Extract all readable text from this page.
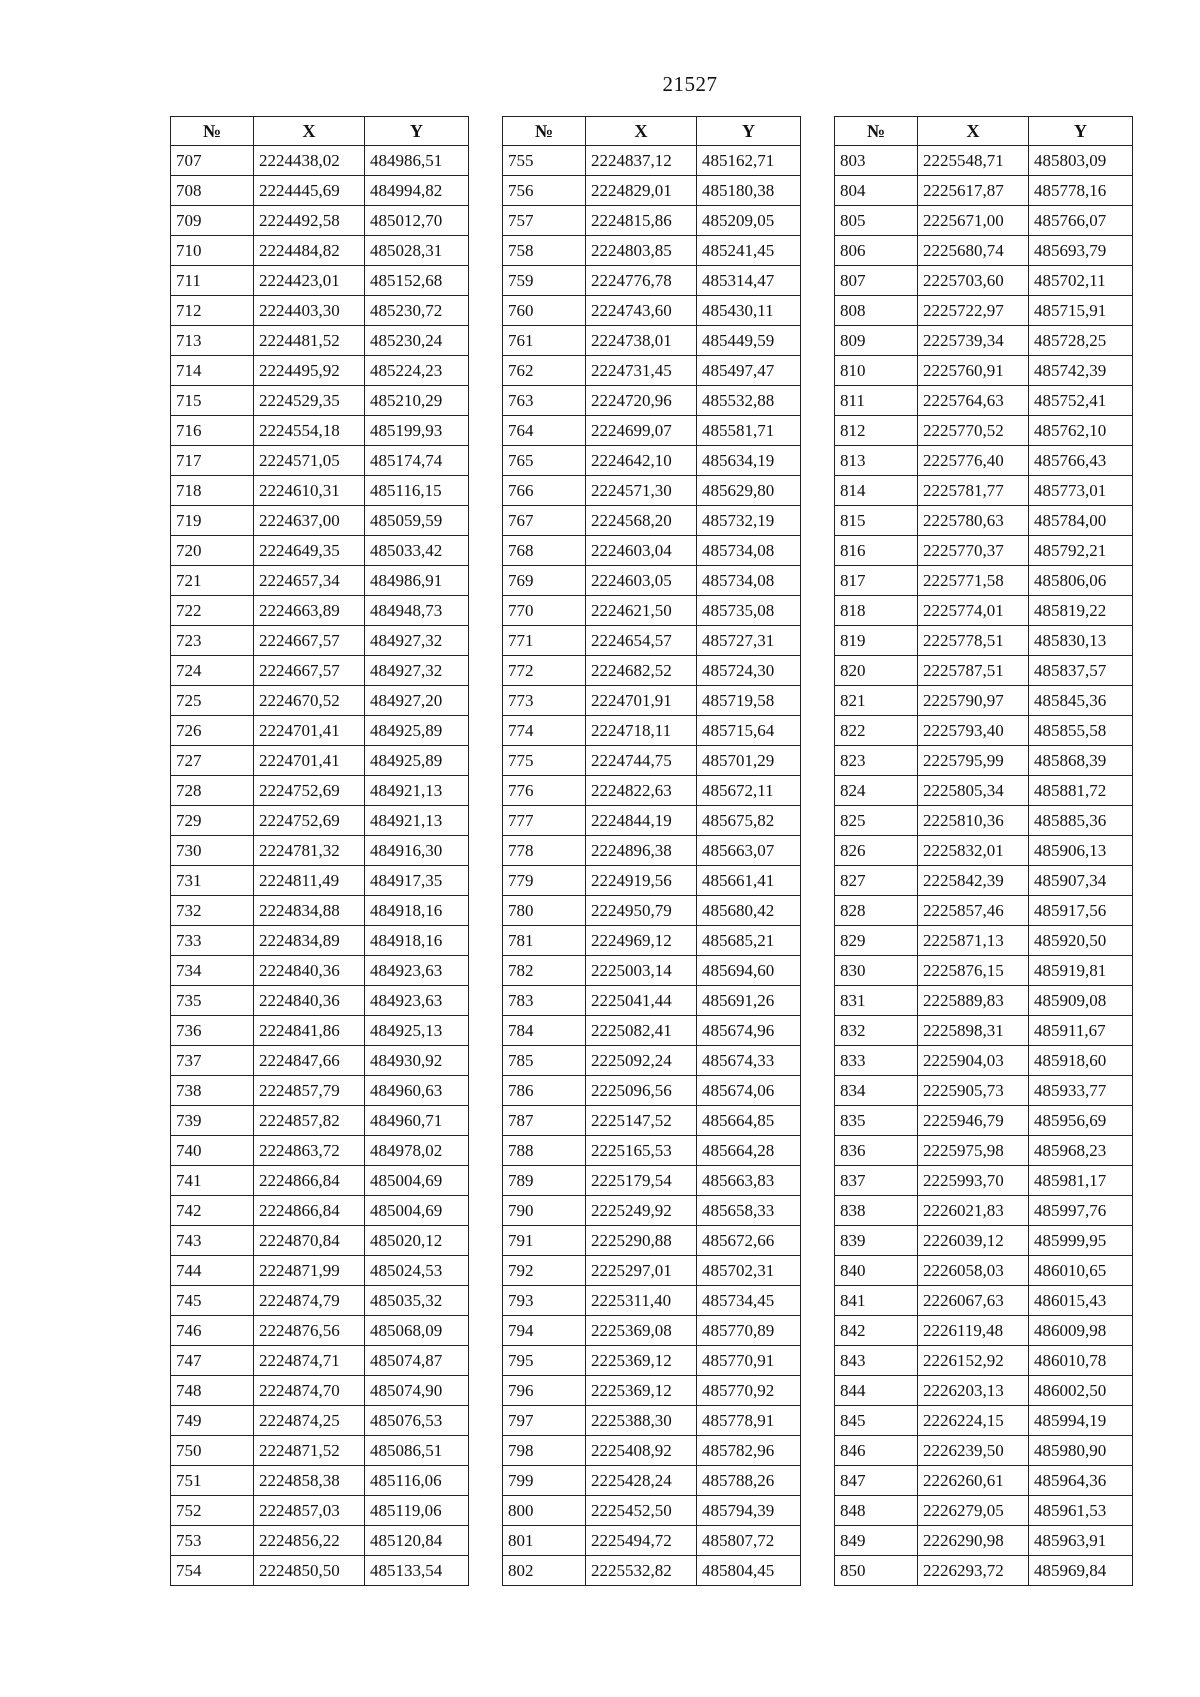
21527
№	X	Y
707	2224438,02	484986,51
708	2224445,69	484994,82
709	2224492,58	485012,70
710	2224484,82	485028,31
711	2224423,01	485152,68
712	2224403,30	485230,72
713	2224481,52	485230,24
714	2224495,92	485224,23
715	2224529,35	485210,29
716	2224554,18	485199,93
717	2224571,05	485174,74
718	2224610,31	485116,15
719	2224637,00	485059,59
720	2224649,35	485033,42
721	2224657,34	484986,91
722	2224663,89	484948,73
723	2224667,57	484927,32
724	2224667,57	484927,32
725	2224670,52	484927,20
726	2224701,41	484925,89
727	2224701,41	484925,89
728	2224752,69	484921,13
729	2224752,69	484921,13
730	2224781,32	484916,30
731	2224811,49	484917,35
732	2224834,88	484918,16
733	2224834,89	484918,16
734	2224840,36	484923,63
735	2224840,36	484923,63
736	2224841,86	484925,13
737	2224847,66	484930,92
738	2224857,79	484960,63
739	2224857,82	484960,71
740	2224863,72	484978,02
741	2224866,84	485004,69
742	2224866,84	485004,69
743	2224870,84	485020,12
744	2224871,99	485024,53
745	2224874,79	485035,32
746	2224876,56	485068,09
747	2224874,71	485074,87
748	2224874,70	485074,90
749	2224874,25	485076,53
750	2224871,52	485086,51
751	2224858,38	485116,06
752	2224857,03	485119,06
753	2224856,22	485120,84
754	2224850,50	485133,54
№	X	Y
755	2224837,12	485162,71
756	2224829,01	485180,38
757	2224815,86	485209,05
758	2224803,85	485241,45
759	2224776,78	485314,47
760	2224743,60	485430,11
761	2224738,01	485449,59
762	2224731,45	485497,47
763	2224720,96	485532,88
764	2224699,07	485581,71
765	2224642,10	485634,19
766	2224571,30	485629,80
767	2224568,20	485732,19
768	2224603,04	485734,08
769	2224603,05	485734,08
770	2224621,50	485735,08
771	2224654,57	485727,31
772	2224682,52	485724,30
773	2224701,91	485719,58
774	2224718,11	485715,64
775	2224744,75	485701,29
776	2224822,63	485672,11
777	2224844,19	485675,82
778	2224896,38	485663,07
779	2224919,56	485661,41
780	2224950,79	485680,42
781	2224969,12	485685,21
782	2225003,14	485694,60
783	2225041,44	485691,26
784	2225082,41	485674,96
785	2225092,24	485674,33
786	2225096,56	485674,06
787	2225147,52	485664,85
788	2225165,53	485664,28
789	2225179,54	485663,83
790	2225249,92	485658,33
791	2225290,88	485672,66
792	2225297,01	485702,31
793	2225311,40	485734,45
794	2225369,08	485770,89
795	2225369,12	485770,91
796	2225369,12	485770,92
797	2225388,30	485778,91
798	2225408,92	485782,96
799	2225428,24	485788,26
800	2225452,50	485794,39
801	2225494,72	485807,72
802	2225532,82	485804,45
№	X	Y
803	2225548,71	485803,09
804	2225617,87	485778,16
805	2225671,00	485766,07
806	2225680,74	485693,79
807	2225703,60	485702,11
808	2225722,97	485715,91
809	2225739,34	485728,25
810	2225760,91	485742,39
811	2225764,63	485752,41
812	2225770,52	485762,10
813	2225776,40	485766,43
814	2225781,77	485773,01
815	2225780,63	485784,00
816	2225770,37	485792,21
817	2225771,58	485806,06
818	2225774,01	485819,22
819	2225778,51	485830,13
820	2225787,51	485837,57
821	2225790,97	485845,36
822	2225793,40	485855,58
823	2225795,99	485868,39
824	2225805,34	485881,72
825	2225810,36	485885,36
826	2225832,01	485906,13
827	2225842,39	485907,34
828	2225857,46	485917,56
829	2225871,13	485920,50
830	2225876,15	485919,81
831	2225889,83	485909,08
832	2225898,31	485911,67
833	2225904,03	485918,60
834	2225905,73	485933,77
835	2225946,79	485956,69
836	2225975,98	485968,23
837	2225993,70	485981,17
838	2226021,83	485997,76
839	2226039,12	485999,95
840	2226058,03	486010,65
841	2226067,63	486015,43
842	2226119,48	486009,98
843	2226152,92	486010,78
844	2226203,13	486002,50
845	2226224,15	485994,19
846	2226239,50	485980,90
847	2226260,61	485964,36
848	2226279,05	485961,53
849	2226290,98	485963,91
850	2226293,72	485969,84
